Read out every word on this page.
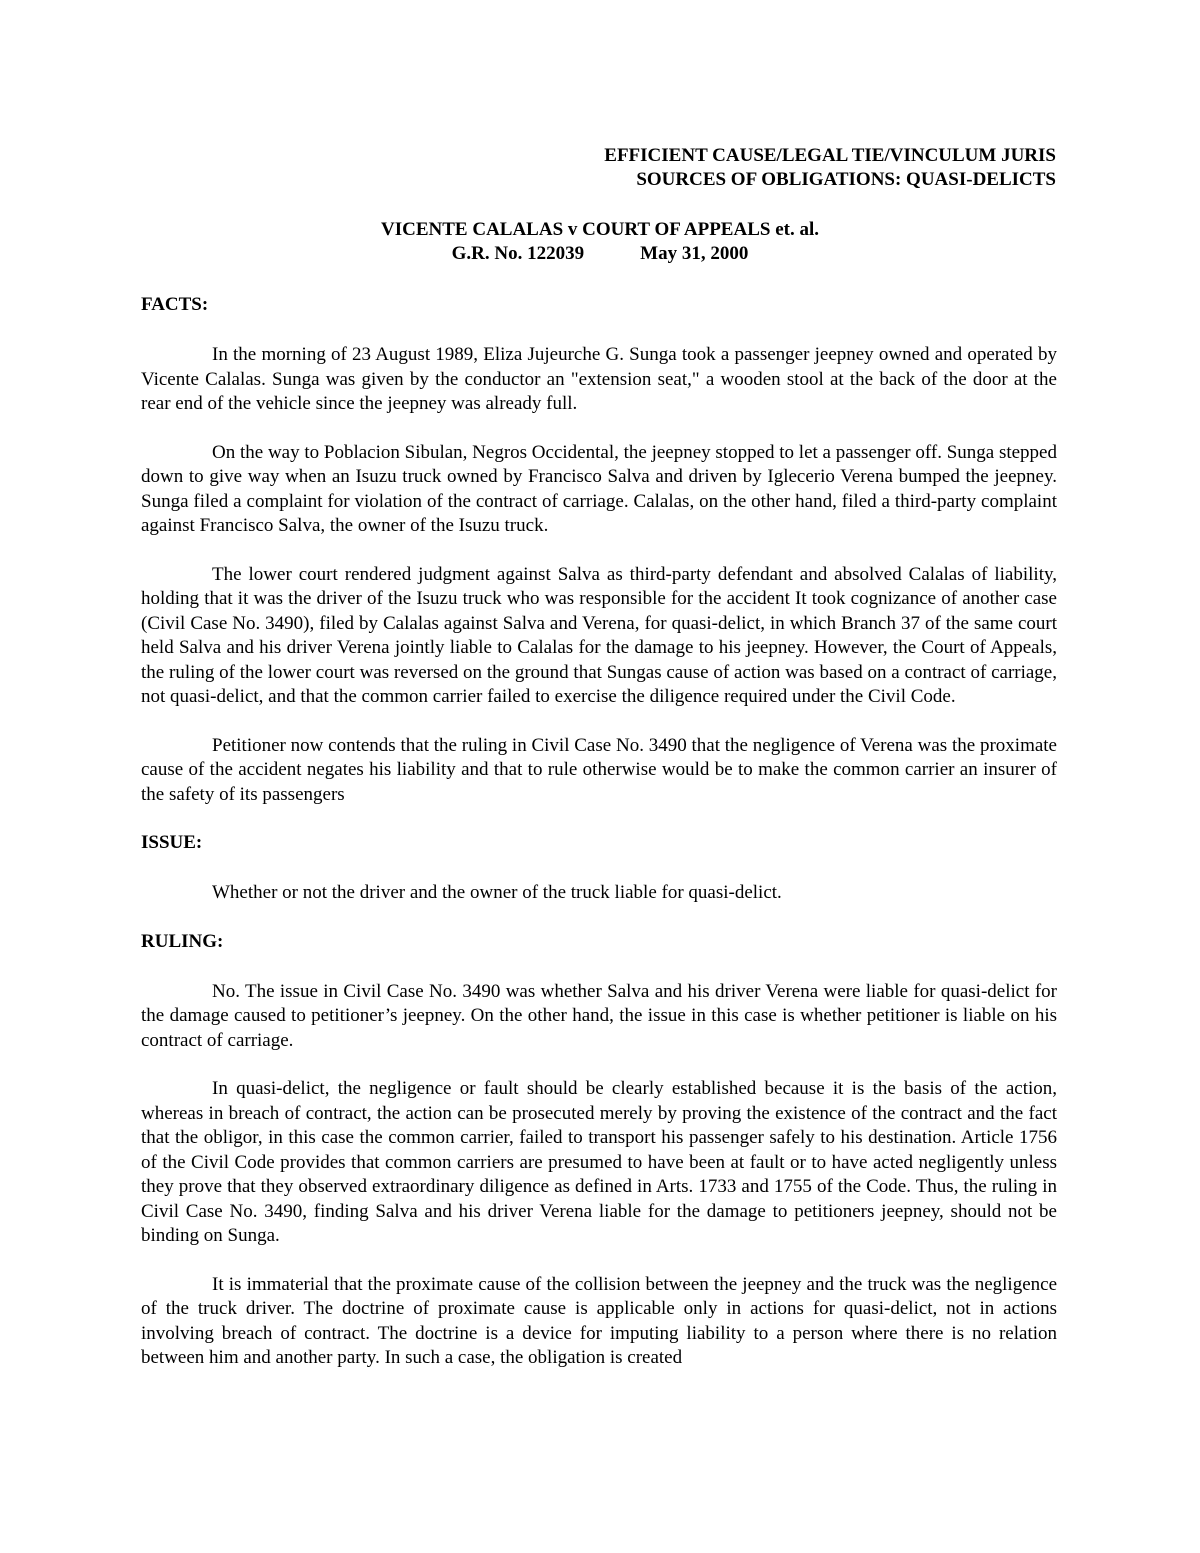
EFFICIENT CAUSE/LEGAL TIE/VINCULUM JURIS
SOURCES OF OBLIGATIONS: QUASI-DELICTS
VICENTE CALALAS v COURT OF APPEALS et. al.
G.R. No. 122039	May 31, 2000
FACTS:

In the morning of 23 August 1989, Eliza Jujeurche G. Sunga took a passenger jeepney owned and operated by Vicente Calalas. Sunga was given by the conductor an "extension seat," a wooden stool at the back of the door at the rear end of the vehicle since the jeepney was already full.

On the way to Poblacion Sibulan, Negros Occidental, the jeepney stopped to let a passenger off. Sunga stepped down to give way when an Isuzu truck owned by Francisco Salva and driven by Iglecerio Verena bumped the jeepney. Sunga filed a complaint for violation of the contract of carriage. Calalas, on the other hand, filed a third-party complaint against Francisco Salva, the owner of the Isuzu truck.

The lower court rendered judgment against Salva as third-party defendant and absolved Calalas of liability, holding that it was the driver of the Isuzu truck who was responsible for the accident It took cognizance of another case (Civil Case No. 3490), filed by Calalas against Salva and Verena, for quasi-delict, in which Branch 37 of the same court held Salva and his driver Verena jointly liable to Calalas for the damage to his jeepney. However, the Court of Appeals, the ruling of the lower court was reversed on the ground that Sungas cause of action was based on a contract of carriage, not quasi-delict, and that the common carrier failed to exercise the diligence required under the Civil Code.

Petitioner now contends that the ruling in Civil Case No. 3490 that the negligence of Verena was the proximate cause of the accident negates his liability and that to rule otherwise would be to make the common carrier an insurer of the safety of its passengers

ISSUE:

Whether or not the driver and the owner of the truck liable for quasi-delict.

RULING:

No. The issue in Civil Case No. 3490 was whether Salva and his driver Verena were liable for quasi-delict for the damage caused to petitioner’s jeepney. On the other hand, the issue in this case is whether petitioner is liable on his contract of carriage.

In quasi-delict, the negligence or fault should be clearly established because it is the basis of the action, whereas in breach of contract, the action can be prosecuted merely by proving the existence of the contract and the fact that the obligor, in this case the common carrier, failed to transport his passenger safely to his destination. Article 1756 of the Civil Code provides that common carriers are presumed to have been at fault or to have acted negligently unless they prove that they observed extraordinary diligence as defined in Arts. 1733 and 1755 of the Code. Thus, the ruling in Civil Case No. 3490, finding Salva and his driver Verena liable for the damage to petitioners jeepney, should not be binding on Sunga.

It is immaterial that the proximate cause of the collision between the jeepney and the truck was the negligence of the truck driver. The doctrine of proximate cause is applicable only in actions for quasi-delict, not in actions involving breach of contract. The doctrine is a device for imputing liability to a person where there is no relation between him and another party. In such a case, the obligation is created
